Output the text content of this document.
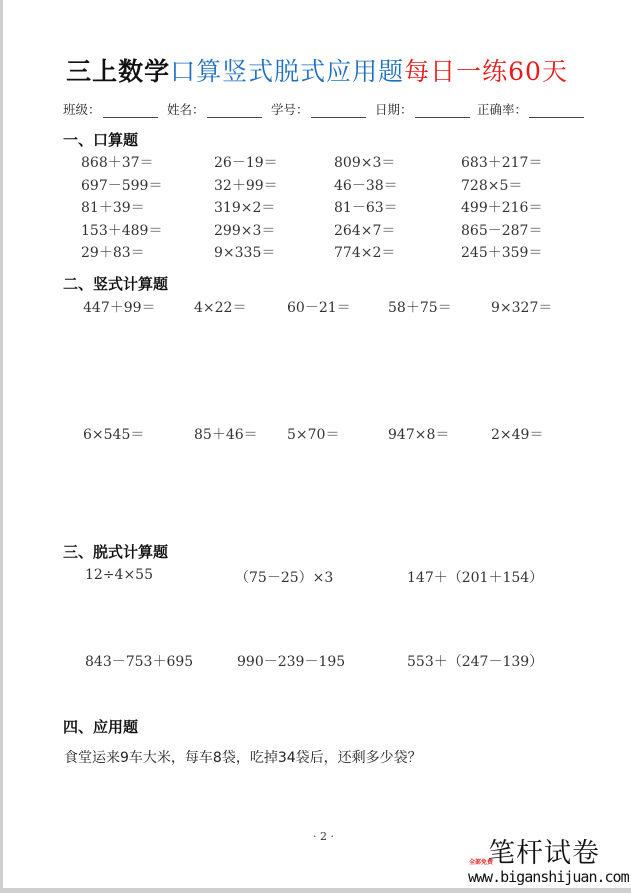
三上数学口算竖式脱式应用题每日一练60天
班级：	姓名：	学号：	日期：	正确率：
一、口算题
868＋37＝	26－19＝	809×3＝	683＋217＝
697－599＝	32＋99＝	46－38＝	728×5＝
81＋39＝	319×2＝	81－63＝	499＋216＝
153＋489＝	299×3＝	264×7＝	865－287＝
29＋83＝	9×335＝	774×2＝	245＋359＝
二、竖式计算题
447＋99＝	4×22＝	60－21＝	58＋75＝	9×327＝
6×545＝	85＋46＝ 5×70＝	947×8＝	2×49＝
三、脱式计算题
12÷4×55	（75－25）×3	147＋（201＋154）
843－753＋695	990－239－195	553＋（247－139）
四、应用题
食堂运来9车大米，每车8袋，吃掉34袋后，还剩多少袋？
· 2 ·
全部免费
笔杆试卷
www.biganshijuan.com
